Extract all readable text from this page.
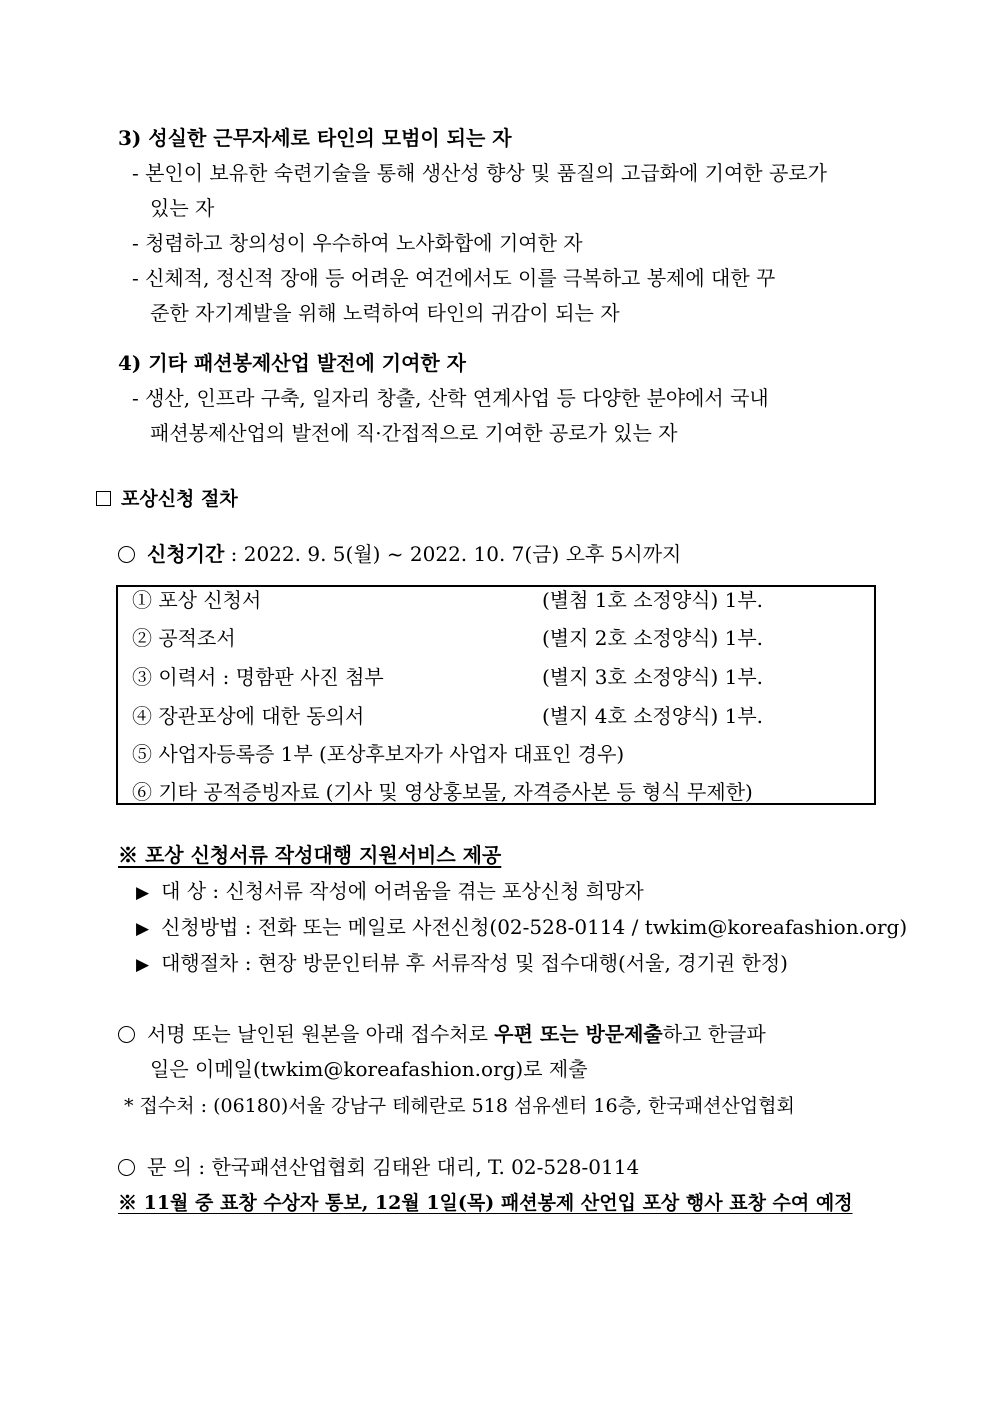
3) 성실한 근무자세로 타인의 모범이 되는 자
- 본인이 보유한 숙련기술을 통해 생산성 향상 및 품질의 고급화에 기여한 공로가
있는 자
- 청렴하고 창의성이 우수하여 노사화합에 기여한 자
- 신체적, 정신적 장애 등 어려운 여건에서도 이를 극복하고 봉제에 대한 꾸
준한 자기계발을 위해 노력하여 타인의 귀감이 되는 자
4) 기타 패션봉제산업 발전에 기여한 자
- 생산, 인프라 구축, 일자리 창출, 산학 연계사업 등 다양한 분야에서 국내
패션봉제산업의 발전에 직·간접적으로 기여한 공로가 있는 자
포상신청 절차
신청기간 : 2022. 9. 5(월) ~ 2022. 10. 7(금) 오후 5시까지
① 포상 신청서	(별첨 1호 소정양식) 1부.
② 공적조서	(별지 2호 소정양식) 1부.
③ 이력서 : 명함판 사진 첨부	(별지 3호 소정양식) 1부.
④ 장관포상에 대한 동의서	(별지 4호 소정양식) 1부.
⑤ 사업자등록증 1부 (포상후보자가 사업자 대표인 경우)
⑥ 기타 공적증빙자료 (기사 및 영상홍보물, 자격증사본 등 형식 무제한)
※ 포상 신청서류 작성대행 지원서비스 제공
▶ 대 상 : 신청서류 작성에 어려움을 겪는 포상신청 희망자
▶ 신청방법 : 전화 또는 메일로 사전신청(02-528-0114 / twkim@koreafashion.org)
▶ 대행절차 : 현장 방문인터뷰 후 서류작성 및 접수대행(서울, 경기권 한정)
서명 또는 날인된 원본을 아래 접수처로 우편 또는 방문제출하고 한글파
일은 이메일(twkim@koreafashion.org)로 제출
* 접수처 : (06180)서울 강남구 테헤란로 518 섬유센터 16층, 한국패션산업협회
문 의 : 한국패션산업협회 김태완 대리, T. 02-528-0114
※ 11월 중 표창 수상자 통보, 12월 1일(목) 패션봉제 산언입 포상 행사 표창 수여 예정
